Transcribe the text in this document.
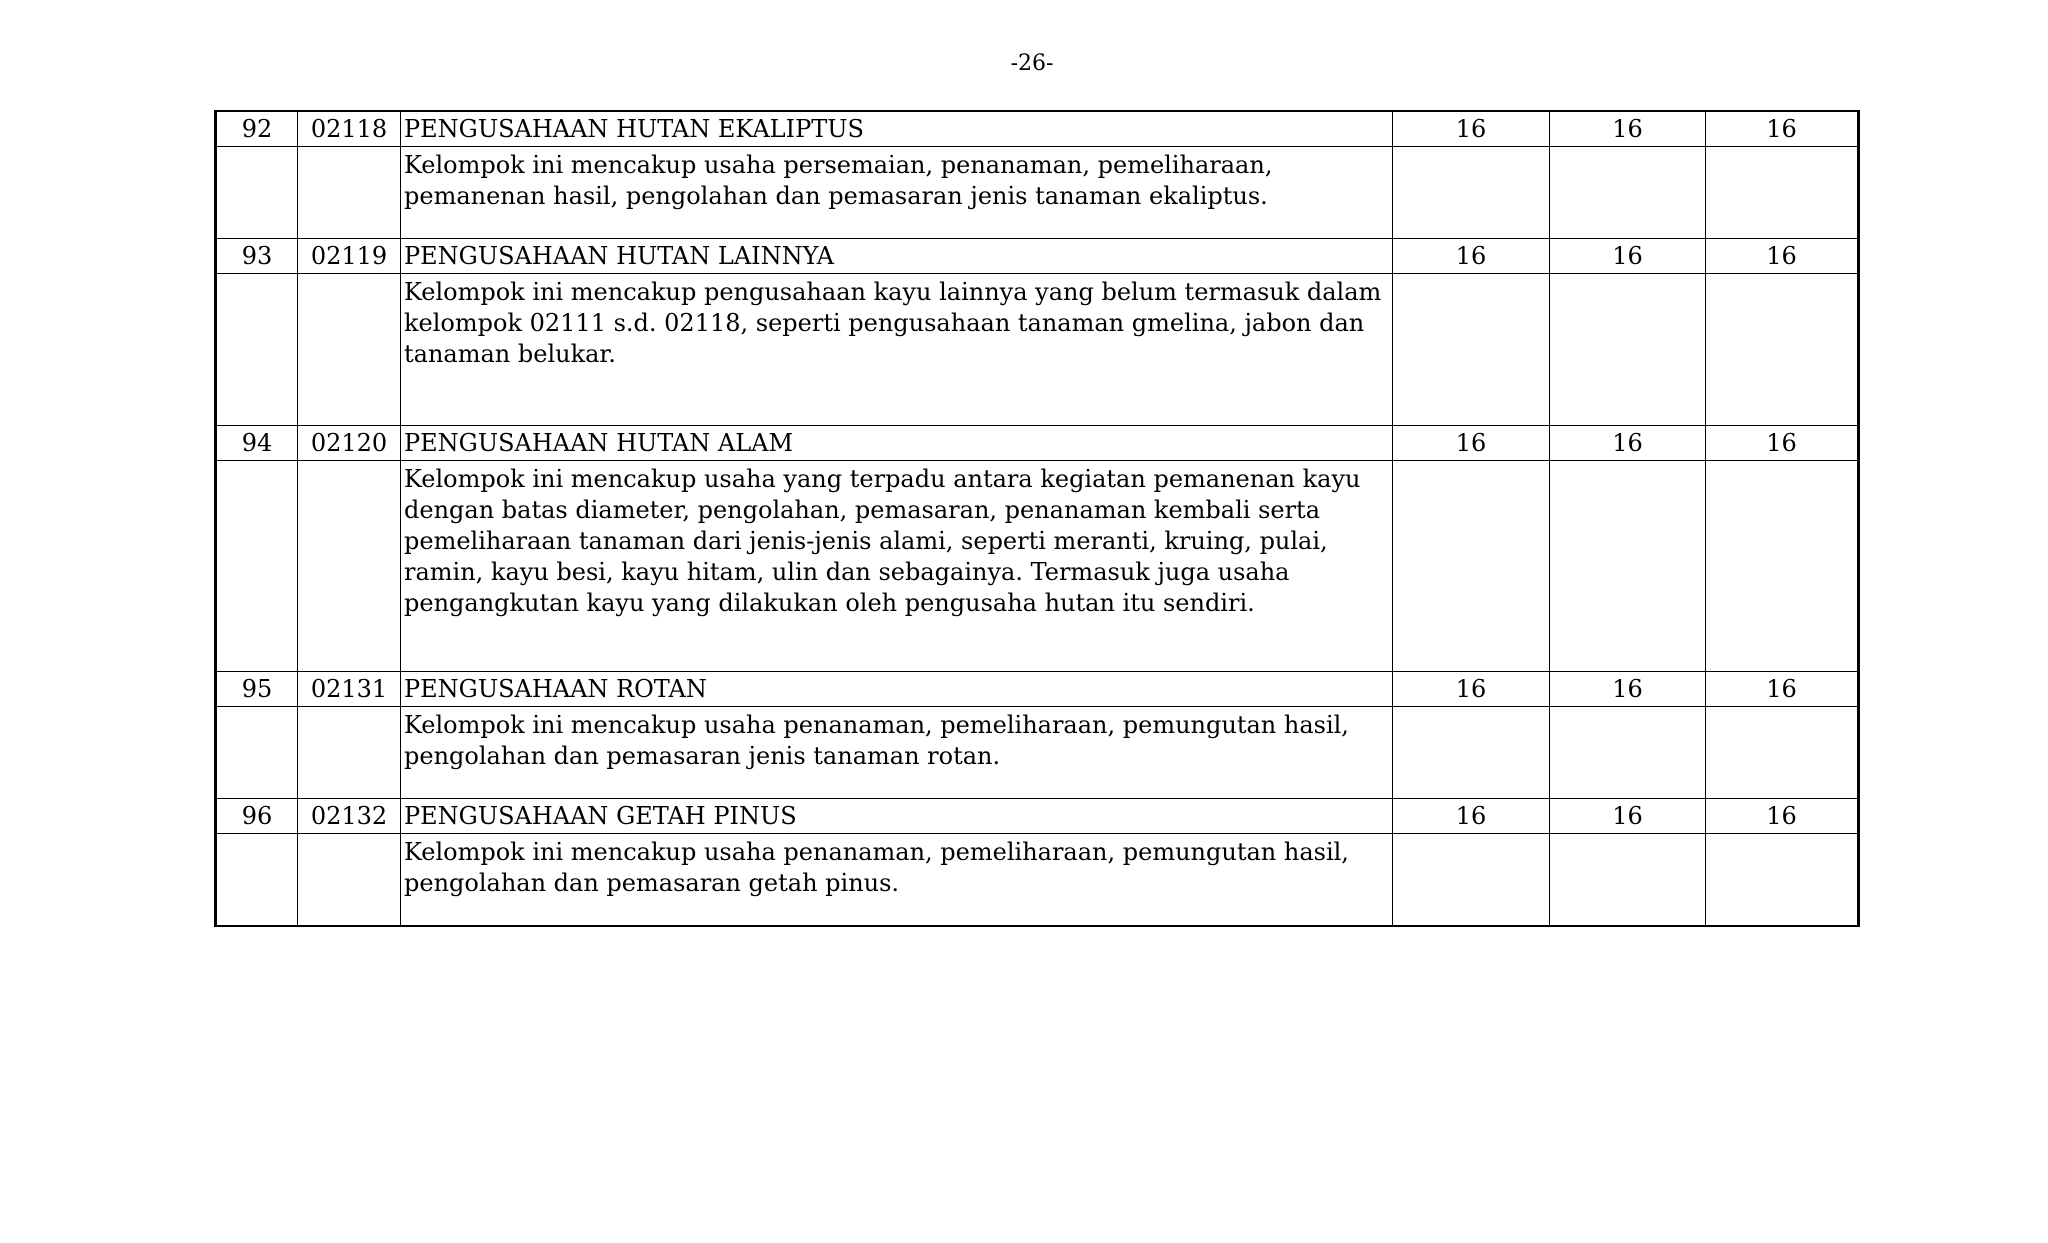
-26-
92	02118	PENGUSAHAAN HUTAN EKALIPTUS	16	16	16
		Kelompok ini mencakup usaha persemaian, penanaman, pemeliharaan, pemanenan hasil, pengolahan dan pemasaran jenis tanaman ekaliptus.			
93	02119	PENGUSAHAAN HUTAN LAINNYA	16	16	16
		Kelompok ini mencakup pengusahaan kayu lainnya yang belum termasuk dalam kelompok 02111 s.d. 02118, seperti pengusahaan tanaman gmelina, jabon dan tanaman belukar.			
94	02120	PENGUSAHAAN HUTAN ALAM	16	16	16
		Kelompok ini mencakup usaha yang terpadu antara kegiatan pemanenan kayu dengan batas diameter, pengolahan, pemasaran, penanaman kembali serta pemeliharaan tanaman dari jenis-jenis alami, seperti meranti, kruing, pulai, ramin, kayu besi, kayu hitam, ulin dan sebagainya. Termasuk juga usaha pengangkutan kayu yang dilakukan oleh pengusaha hutan itu sendiri.			
95	02131	PENGUSAHAAN ROTAN	16	16	16
		Kelompok ini mencakup usaha penanaman, pemeliharaan, pemungutan hasil, pengolahan dan pemasaran jenis tanaman rotan.			
96	02132	PENGUSAHAAN GETAH PINUS	16	16	16
		Kelompok ini mencakup usaha penanaman, pemeliharaan, pemungutan hasil, pengolahan dan pemasaran getah pinus.			
